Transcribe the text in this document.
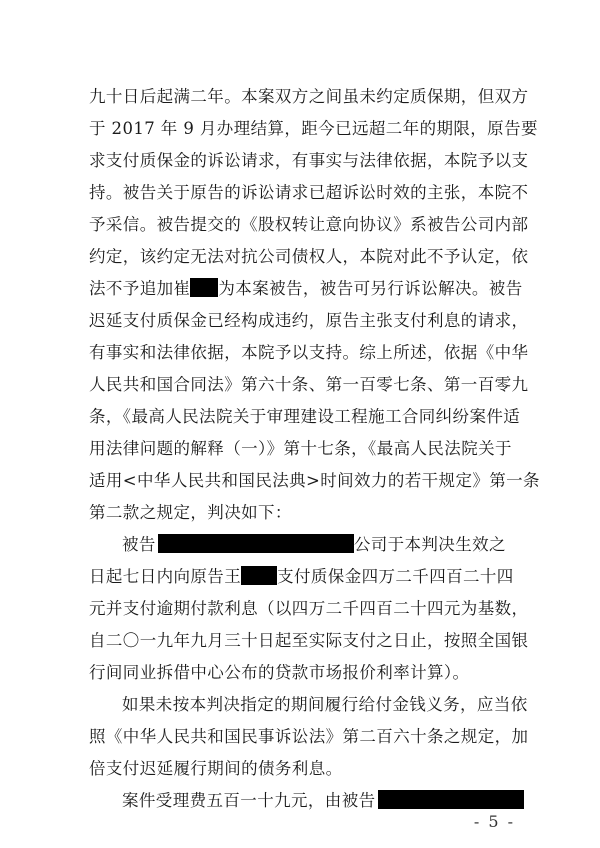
九十日后起满二年。本案双方之间虽未约定质保期，但双方
于 2017 年 9 月办理结算，距今已远超二年的期限，原告要
求支付质保金的诉讼请求，有事实与法律依据，本院予以支
持。被告关于原告的诉讼请求已超诉讼时效的主张，本院不
予采信。被告提交的《股权转让意向协议》系被告公司内部
约定，该约定无法对抗公司债权人，本院对此不予认定，依
法不予追加崔 为本案被告，被告可另行诉讼解决。被告
迟延支付质保金已经构成违约，原告主张支付利息的请求，
有事实和法律依据，本院予以支持。综上所述，依据《中华
人民共和国合同法》第六十条、第一百零七条、第一百零九
条，《最高人民法院关于审理建设工程施工合同纠纷案件适
用法律问题的解释（一）》第十七条，《最高人民法院关于
适用<中华人民共和国民法典>时间效力的若干规定》第一条
第二款之规定，判决如下：
被告	公司于本判决生效之
日起七日内向原告王 支付质保金四万二千四百二十四
元并支付逾期付款利息（以四万二千四百二十四元为基数，
自二〇一九年九月三十日起至实际支付之日止，按照全国银
行间同业拆借中心公布的贷款市场报价利率计算）。
如果未按本判决指定的期间履行给付金钱义务，应当依
照《中华人民共和国民事诉讼法》第二百六十条之规定，加
倍支付迟延履行期间的债务利息。
案件受理费五百一十九元，由被告
- 5 -
